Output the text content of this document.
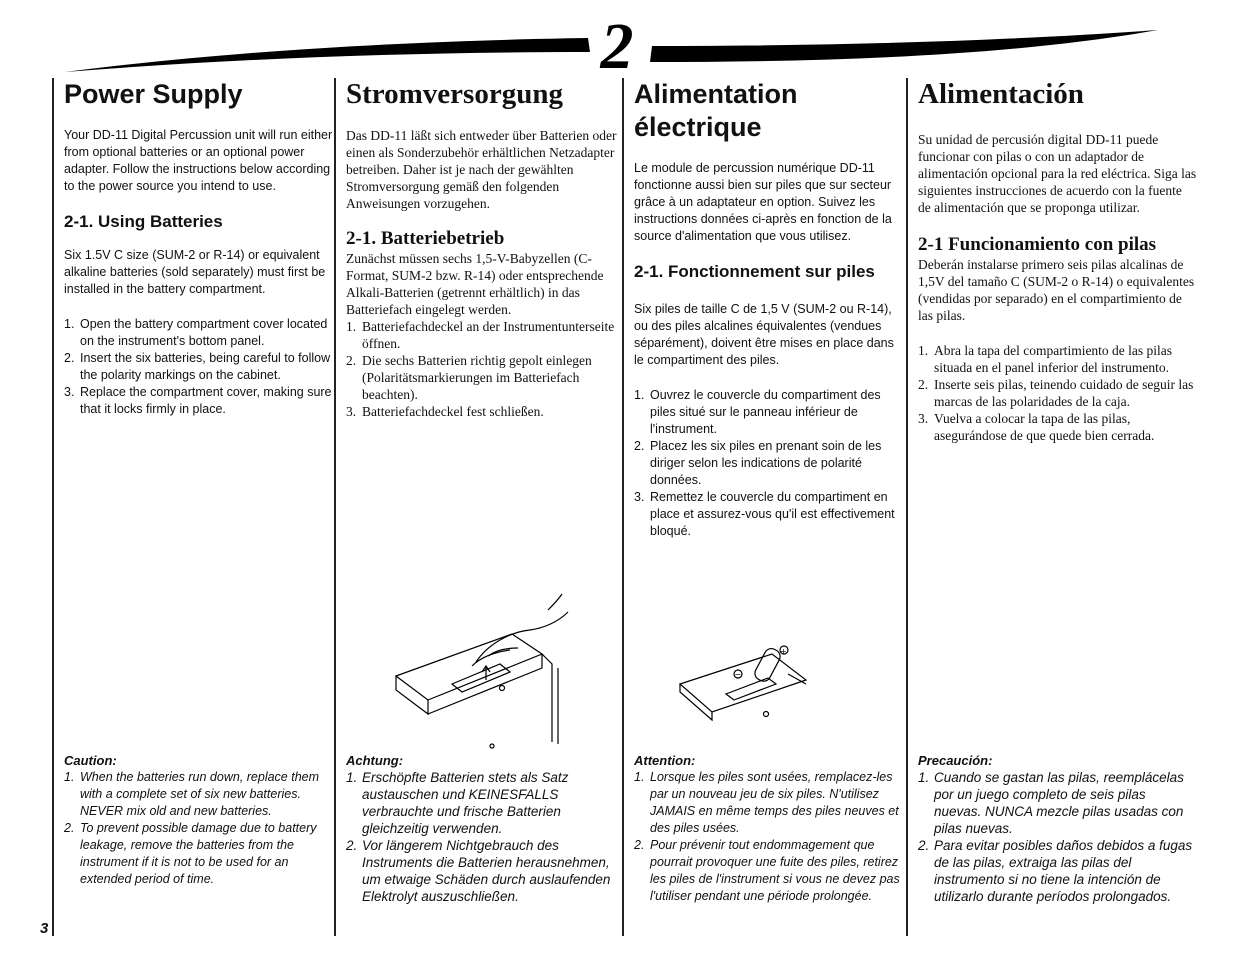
2
Power Supply

Your DD-11 Digital Percussion unit will run either from optional batteries or an optional power adapter. Follow the instructions below according to the power source you intend to use.

2-1. Using Batteries

Six 1.5V C size (SUM-2 or R-14) or equivalent alkaline batteries (sold separately) must first be installed in the battery compartment.

1. Open the battery compartment cover located on the instrument's bottom panel.
2. Insert the six batteries, being careful to follow the polarity markings on the cabinet.
3. Replace the compartment cover, making sure that it locks firmly in place.
Caution:
1. When the batteries run down, replace them with a complete set of six new batteries. NEVER mix old and new batteries.
2. To prevent possible damage due to battery leakage, remove the batteries from the instrument if it is not to be used for an extended period of time.
Stromversorgung

Das DD-11 läßt sich entweder über Batterien oder einen als Sonderzubehör erhältlichen Netzadapter betreiben. Daher ist je nach der gewählten Stromversorgung gemäß den folgenden Anweisungen vorzugehen.

2-1. Batteriebetrieb

Zunächst müssen sechs 1,5-V-Babyzellen (C-Format, SUM-2 bzw. R-14) oder entsprechende Alkali-Batterien (getrennt erhältlich) in das Batteriefach eingelegt werden.

1. Batteriefachdeckel an der Instrumentunterseite öffnen.
2. Die sechs Batterien richtig gepolt einlegen (Polaritätsmarkierungen im Batteriefach beachten).
3. Batteriefachdeckel fest schließen.
Achtung:
1. Erschöpfte Batterien stets als Satz austauschen und KEINESFALLS verbrauchte und frische Batterien gleichzeitig verwenden.
2. Vor längerem Nichtgebrauch des Instruments die Batterien herausnehmen, um etwaige Schäden durch auslaufenden Elektrolyt auszuschließen.
Alimentation électrique

Le module de percussion numérique DD-11 fonctionne aussi bien sur piles que sur secteur grâce à un adaptateur en option. Suivez les instructions données ci-après en fonction de la source d'alimentation que vous utilisez.

2-1. Fonctionnement sur piles

Six piles de taille C de 1,5 V (SUM-2 ou R-14), ou des piles alcalines équivalentes (vendues séparément), doivent être mises en place dans le compartiment des piles.

1. Ouvrez le couvercle du compartiment des piles situé sur le panneau inférieur de l'instrument.
2. Placez les six piles en prenant soin de les diriger selon les indications de polarité données.
3. Remettez le couvercle du compartiment en place et assurez-vous qu'il est effectivement bloqué.
Attention:
1. Lorsque les piles sont usées, remplacez-les par un nouveau jeu de six piles. N'utilisez JAMAIS en même temps des piles neuves et des piles usées.
2. Pour prévenir tout endommagement que pourrait provoquer une fuite des piles, retirez les piles de l'instrument si vous ne devez pas l'utiliser pendant une période prolongée.
Alimentación

Su unidad de percusión digital DD-11 puede funcionar con pilas o con un adaptador de alimentación opcional para la red eléctrica. Siga las siguientes instrucciones de acuerdo con la fuente de alimentación que se proponga utilizar.

2-1 Funcionamiento con pilas

Deberán instalarse primero seis pilas alcalinas de 1,5V del tamaño C (SUM-2 o R-14) o equivalentes (vendidas por separado) en el compartimiento de las pilas.

1. Abra la tapa del compartimiento de las pilas situada en el panel inferior del instrumento.
2. Inserte seis pilas, teinendo cuidado de seguir las marcas de las polaridades de la caja.
3. Vuelva a colocar la tapa de las pilas, asegurándose de que quede bien cerrada.
Precaución:
1. Cuando se gastan las pilas, reemplácelas por un juego completo de seis pilas nuevas. NUNCA mezcle pilas usadas con pilas nuevas.
2. Para evitar posibles daños debidos a fugas de las pilas, extraiga las pilas del instrumento si no tiene la intención de utilizarlo durante períodos prolongados.
+
−
3
